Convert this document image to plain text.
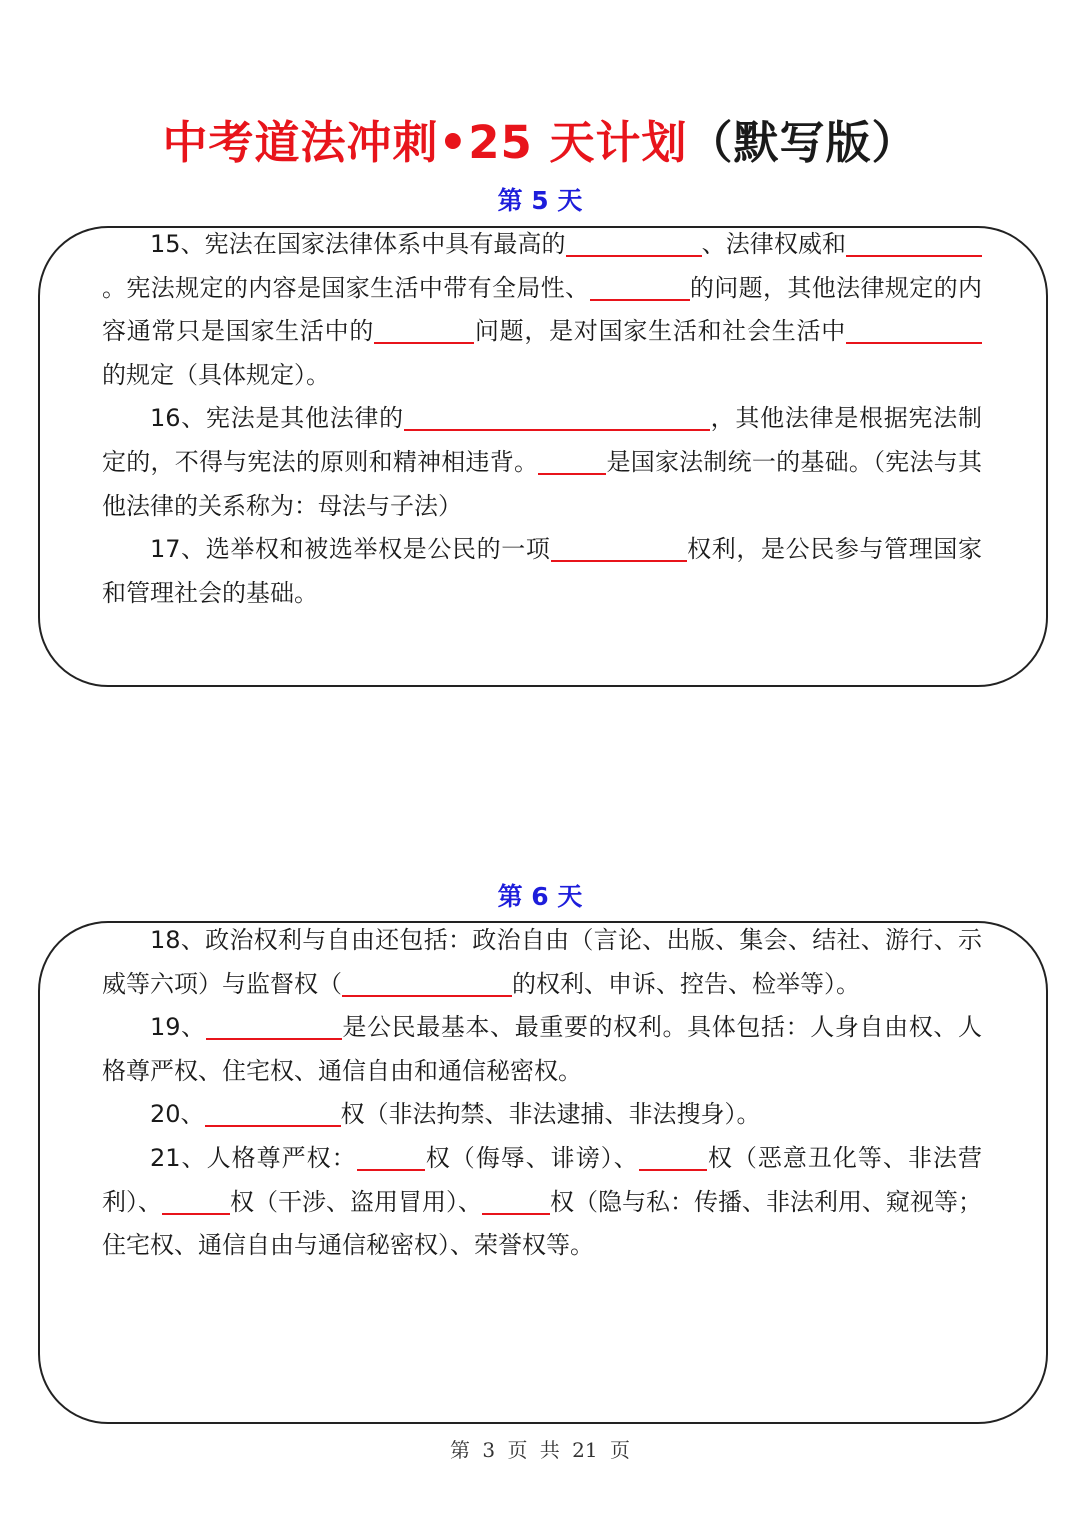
中考道法冲刺•25 天计划（默写版）
第 5 天

15、宪法在国家法律体系中具有最高的	、法律权威和。宪法规定的内容是国家生活中带有全局性、	的问题，其他法律规定的内容通常只是国家生活中的	问题，是对国家生活和社会生活中的规定（具体规定）。

16、宪法是其他法律的	，其他法律是根据宪法制定的，不得与宪法的原则和精神相违背。	是国家法制统一的基础。（宪法与其他法律的关系称为：母法与子法）

17、选举权和被选举权是公民的一项	权利，是公民参与管理国家和管理社会的基础。

第 6 天

18、政治权利与自由还包括：政治自由（言论、出版、集会、结社、游行、示威等六项）与监督权（	的权利、申诉、控告、检举等）。

19、	是公民最基本、最重要的权利。具体包括：人身自由权、人格尊严权、住宅权、通信自由和通信秘密权。

20、	权（非法拘禁、非法逮捕、非法搜身）。

21、人格尊严权：	权（侮辱、诽谤）、	权（恶意丑化等、非法营利）、	权（干涉、盗用冒用）、	权（隐与私：传播、非法利用、窥视等；住宅权、通信自由与通信秘密权）、荣誉权等。

第 3 页 共 21 页
